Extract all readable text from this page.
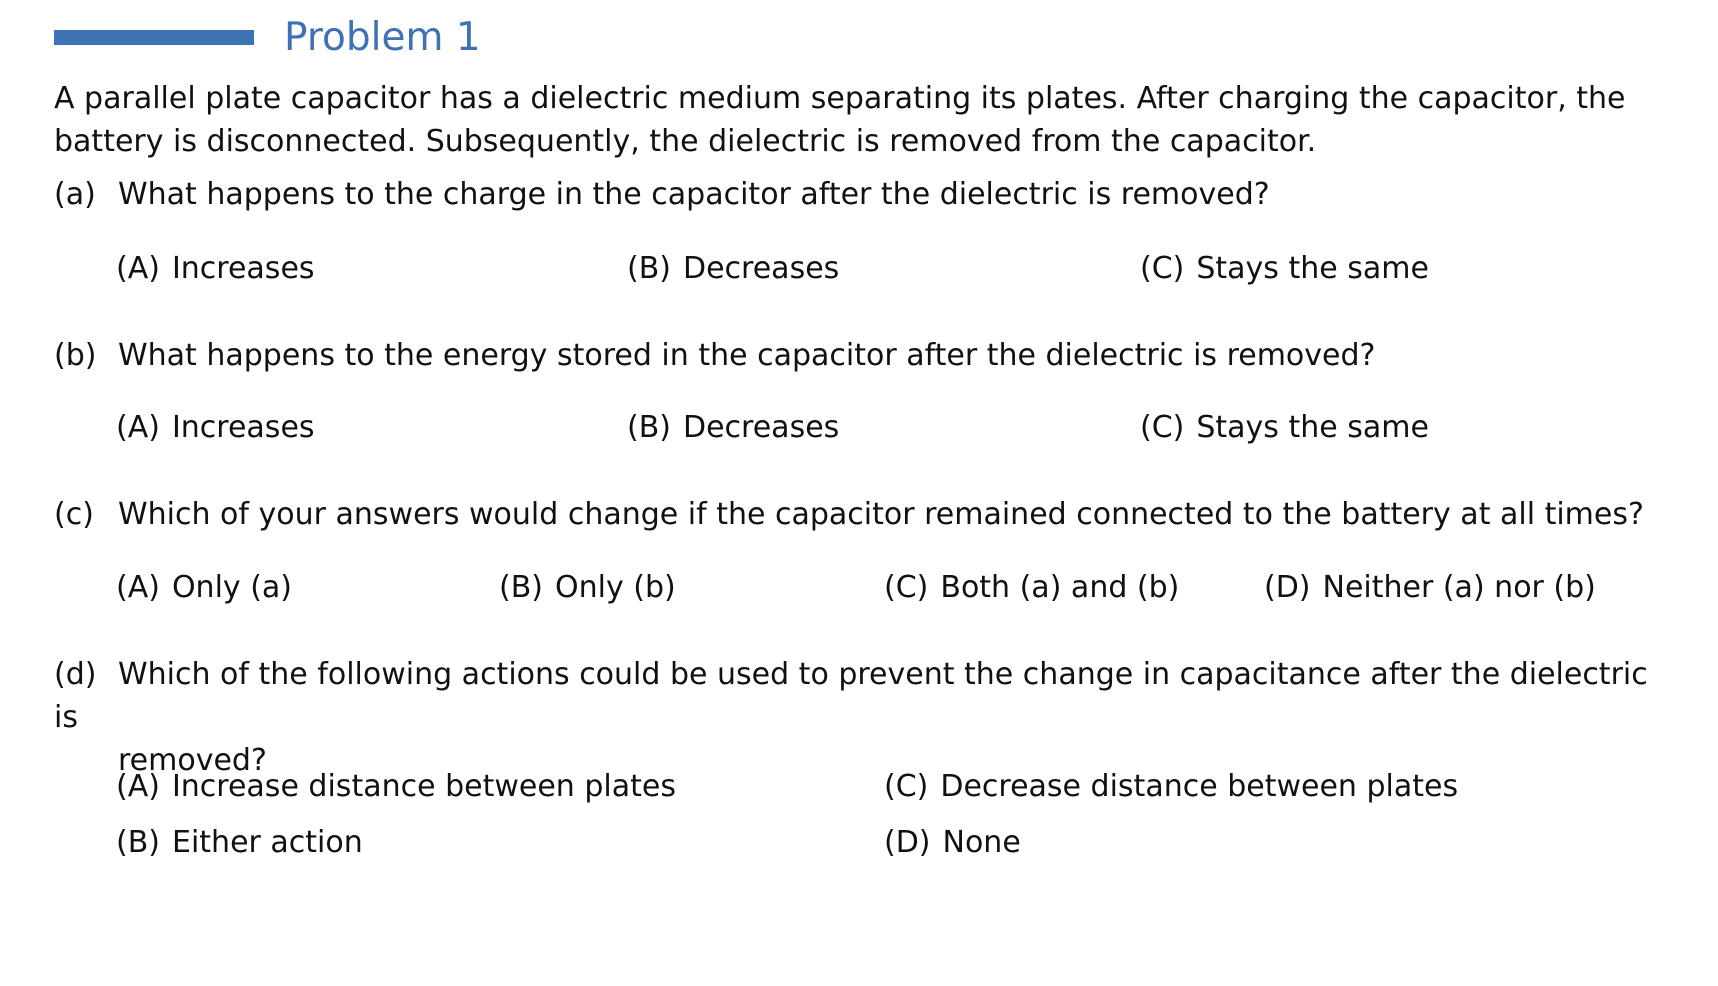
Problem 1
A parallel plate capacitor has a dielectric medium separating its plates. After charging the capacitor, the battery is disconnected. Subsequently, the dielectric is removed from the capacitor.
(a) What happens to the charge in the capacitor after the dielectric is removed?
(A) Increases	(B) Decreases	(C) Stays the same
(b) What happens to the energy stored in the capacitor after the dielectric is removed?
(A) Increases	(B) Decreases	(C) Stays the same
(c) Which of your answers would change if the capacitor remained connected to the battery at all times?
(A) Only (a)	(B) Only (b)	(C) Both (a) and (b)	(D) Neither (a) nor (b)
(d) Which of the following actions could be used to prevent the change in capacitance after the dielectric is
removed?
(A) Increase distance between plates
(B) Either action
(C) Decrease distance between plates
(D) None
